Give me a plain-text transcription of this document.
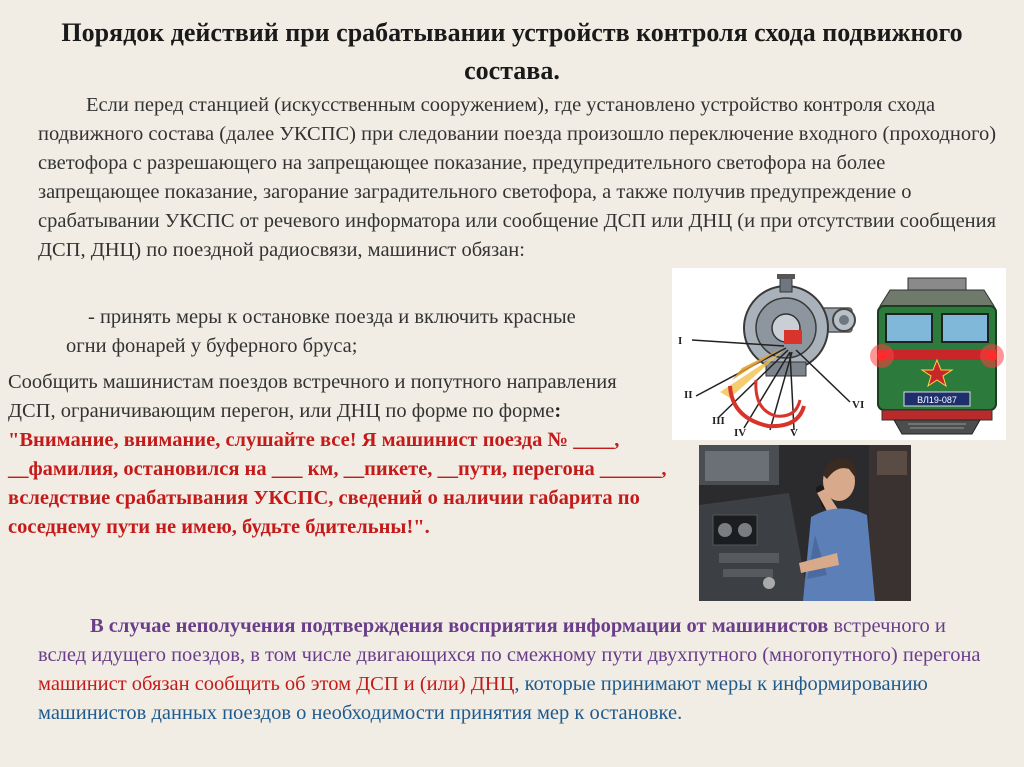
Порядок действий при срабатывании устройств контроля схода подвижного состава.
Если перед станцией (искусственным сооружением), где установлено устройство контроля схода подвижного состава (далее УКСПС) при следовании поезда произошло переключение входного (проходного) светофора с разрешающего на запрещающее показание, предупредительного светофора на более запрещающее показание, загорание заградительного светофора, а также получив предупреждение о срабатывании УКСПС от речевого информатора или сообщение ДСП или ДНЦ (и при отсутствии сообщения ДСП, ДНЦ) по поездной радиосвязи, машинист обязан:
- принять меры к остановке поезда и включить красные
огни фонарей у буферного бруса;
Сообщить машинистам поездов встречного и попутного направления ДСП, ограничивающим перегон, или ДНЦ по форме по форме: "Внимание, внимание, слушайте все! Я машинист поезда № ____, __фамилия, остановился на ___ км, __пикете, __пути, перегона ______, вследствие срабатывания УКСПС, сведений о наличии габарита по соседнему пути не имею, будьте бдительны!".
В случае неполучения подтверждения восприятия информации от машинистов встречного и вслед идущего поездов, в том числе двигающихся по смежному пути двухпутного (многопутного) перегона машинист обязан сообщить об этом ДСП и (или) ДНЦ, которые принимают меры к информированию машинистов данных поездов о необходимости принятия мер к остановке.
I
II
III
IV	V
VI	ВЛ19-087
